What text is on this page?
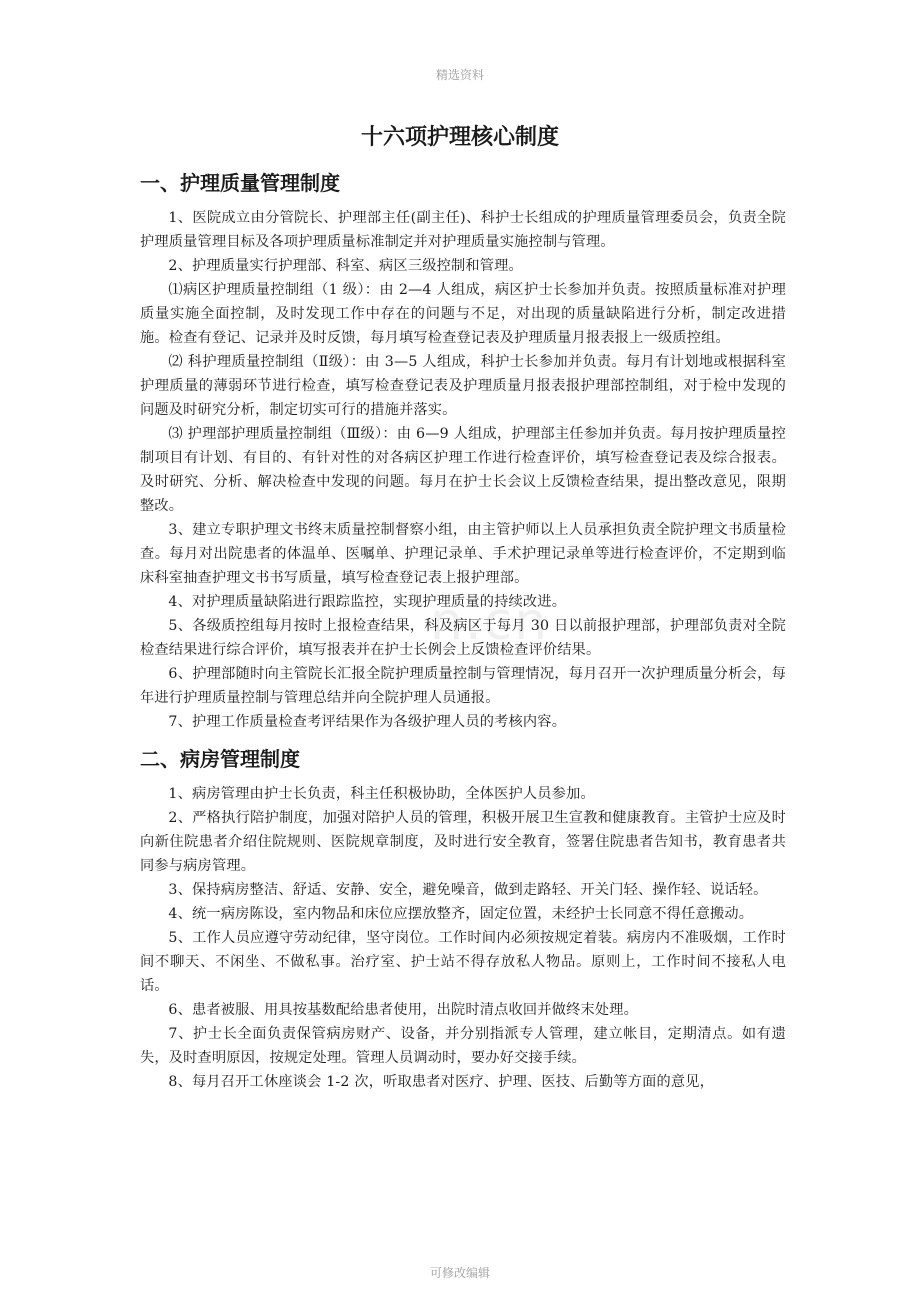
精选资料
n.cn
十六项护理核心制度
一、护理质量管理制度

1、医院成立由分管院长、护理部主任(副主任)、科护士长组成的护理质量管理委员会，负责全院护理质量管理目标及各项护理质量标准制定并对护理质量实施控制与管理。

2、护理质量实行护理部、科室、病区三级控制和管理。

⑴病区护理质量控制组（1 级）：由 2—4 人组成，病区护士长参加并负责。按照质量标准对护理质量实施全面控制，及时发现工作中存在的问题与不足，对出现的质量缺陷进行分析，制定改进措施。检查有登记、记录并及时反馈，每月填写检查登记表及护理质量月报表报上一级质控组。

⑵ 科护理质量控制组（Ⅱ级）：由 3—5 人组成，科护士长参加并负责。每月有计划地或根据科室护理质量的薄弱环节进行检查，填写检查登记表及护理质量月报表报护理部控制组，对于检中发现的问题及时研究分析，制定切实可行的措施并落实。

⑶ 护理部护理质量控制组（Ⅲ级）：由 6—9 人组成，护理部主任参加并负责。每月按护理质量控制项目有计划、有目的、有针对性的对各病区护理工作进行检查评价，填写检查登记表及综合报表。及时研究、分析、解决检查中发现的问题。每月在护士长会议上反馈检查结果，提出整改意见，限期整改。

3、建立专职护理文书终末质量控制督察小组，由主管护师以上人员承担负责全院护理文书质量检查。每月对出院患者的体温单、医嘱单、护理记录单、手术护理记录单等进行检查评价，不定期到临床科室抽查护理文书书写质量，填写检查登记表上报护理部。

4、对护理质量缺陷进行跟踪监控，实现护理质量的持续改进。

5、各级质控组每月按时上报检查结果，科及病区于每月 30 日以前报护理部，护理部负责对全院检查结果进行综合评价，填写报表并在护士长例会上反馈检查评价结果。

6、护理部随时向主管院长汇报全院护理质量控制与管理情况，每月召开一次护理质量分析会，每年进行护理质量控制与管理总结并向全院护理人员通报。

7、护理工作质量检查考评结果作为各级护理人员的考核内容。

二、病房管理制度

1、病房管理由护士长负责，科主任积极协助，全体医护人员参加。

2、严格执行陪护制度，加强对陪护人员的管理，积极开展卫生宣教和健康教育。主管护士应及时向新住院患者介绍住院规则、医院规章制度，及时进行安全教育，签署住院患者告知书，教育患者共同参与病房管理。

3、保持病房整洁、舒适、安静、安全，避免噪音，做到走路轻、开关门轻、操作轻、说话轻。

4、统一病房陈设，室内物品和床位应摆放整齐，固定位置，未经护士长同意不得任意搬动。

5、工作人员应遵守劳动纪律，坚守岗位。工作时间内必须按规定着装。病房内不准吸烟，工作时间不聊天、不闲坐、不做私事。治疗室、护士站不得存放私人物品。原则上，工作时间不接私人电话。

6、患者被服、用具按基数配给患者使用，出院时清点收回并做终末处理。

7、护士长全面负责保管病房财产、设备，并分别指派专人管理，建立帐目，定期清点。如有遗失，及时查明原因，按规定处理。管理人员调动时，要办好交接手续。

8、每月召开工休座谈会 1-2 次，听取患者对医疗、护理、医技、后勤等方面的意见，

可修改编辑
